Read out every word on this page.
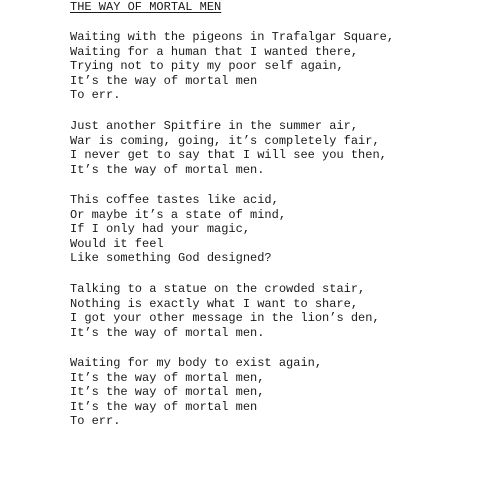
THE WAY OF MORTAL MEN
Waiting with the pigeons in Trafalgar Square,
Waiting for a human that I wanted there,
Trying not to pity my poor self again,
It’s the way of mortal men
To err.
Just another Spitfire in the summer air,
War is coming, going, it’s completely fair,
I never get to say that I will see you then,
It’s the way of mortal men.
This coffee tastes like acid,
Or maybe it’s a state of mind,
If I only had your magic,
Would it feel
Like something God designed?
Talking to a statue on the crowded stair,
Nothing is exactly what I want to share,
I got your other message in the lion’s den,
It’s the way of mortal men.
Waiting for my body to exist again,
It’s the way of mortal men,
It’s the way of mortal men,
It’s the way of mortal men
To err.
